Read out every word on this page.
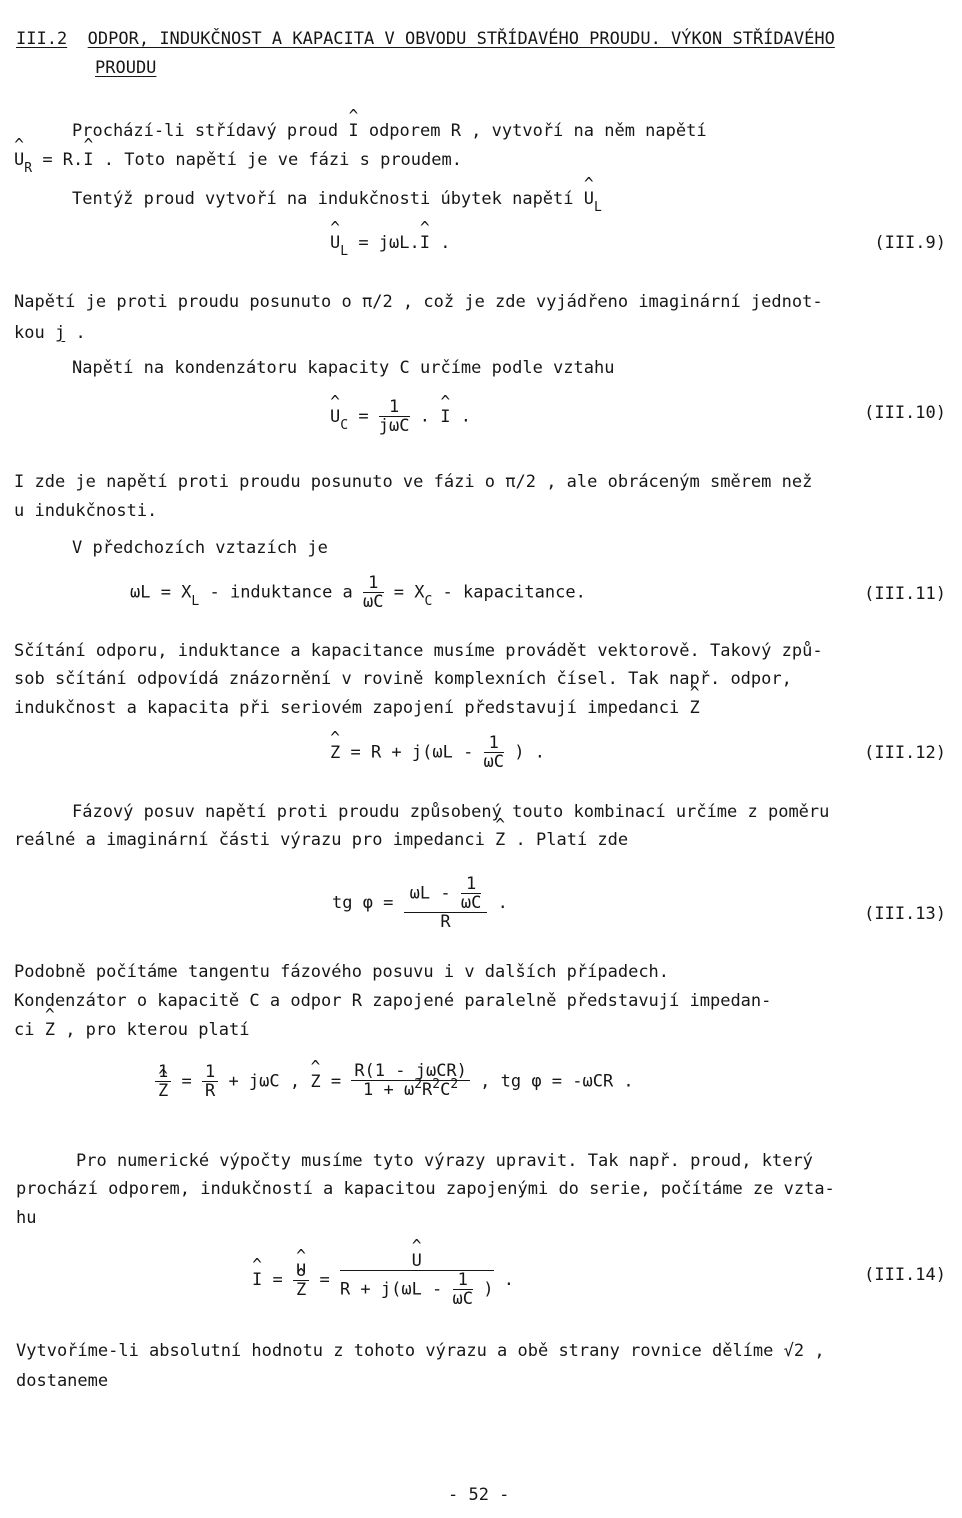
III.2 ODPOR, INDUKČNOST A KAPACITA V OBVODU STŘÍDAVÉHO PROUDU. VÝKON STŘÍDAVÉHO
PROUDU
Prochází-li střídavý proud ^ I odporem R , vytvoří na něm napětí
^ $U_R$ = R.^ I . Toto napětí je ve fázi s proudem.
Tentýž proud vytvoří na indukčnosti úbytek napětí ^ $U_L$
^ $U_L$ = jωL.^ I .	(III.9)
Napětí je proti proudu posunuto o π/2 , což je zde vyjádřeno imaginární jednot-
kou j .
Napětí na kondenzátoru kapacity C určíme podle vztahu
^ $U_C = \frac{1}{\text{jωC}}$ . ^ I .	(III.10)
I zde je napětí proti proudu posunuto ve fázi o π/2 , ale obráceným směrem než
u indukčnosti.
V předchozích vztazích je
$\omega L = X_L$ - induktance a $\frac{1}{\omega C} = X_C$ - kapacitance.	(III.11)
Sčítání odporu, induktance a kapacitance musíme provádět vektorově. Takový způ-
sob sčítání odpovídá znázornění v rovině komplexních čísel. Tak např. odpor,
indukčnost a kapacita při seriovém zapojení představují impedanci ^ Z
^ $Z = R + j(\omega L - \frac{1}{\omega C}$ ) .	(III.12)
Fázový posuv napětí proti proudu způsobený touto kombinací určíme z poměru
reálné a imaginární části výrazu pro impedanci ^ Z . Platí zde
tg $\varphi = \frac{\omega L - \frac{1}{\omega C}}{R}$ .
(III.13)
Podobně počítáme tangentu fázového posuvu i v dalších případech.
Kondenzátor o kapacitě C a odpor R zapojené paralelně představují impedan-
ci ^ Z , pro kterou platí
1
^ $Z = \frac{1}{R} + j\omega C$ , ^ $Z = \frac{\text{R(1 - jωCR)}}{1 + \omega^2R^2C^2}$ , tg φ = -ωCR .
Pro numerické výpočty musíme tyto výrazy upravit. Tak např. proud, který
prochází odporem, indukčností a kapacitou zapojenými do serie, počítáme ze vzta-
hu
^ I = ^ U
^ Z = ^ $\frac{U}{R + j(\omega L - \frac{1}{\omega C} )}$ .	(III.14)
Vytvoříme-li absolutní hodnotu z tohoto výrazu a obě strany rovnice dělíme √2 ,
dostaneme
- 52 -
